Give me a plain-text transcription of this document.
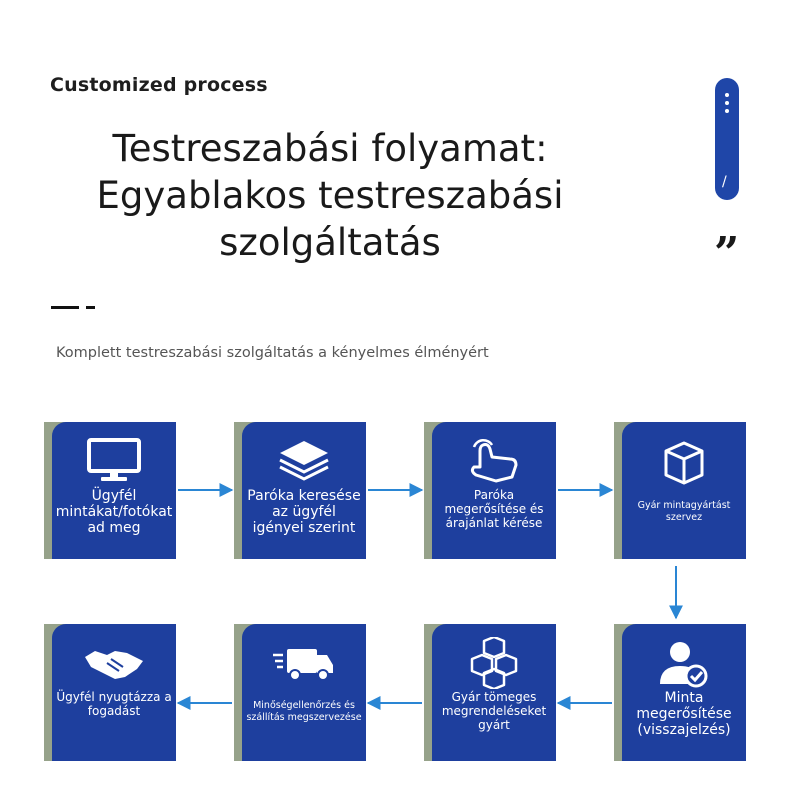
Customized process
Testreszabási folyamat:
Egyablakos testreszabási
szolgáltatás
Komplett testreszabási szolgáltatás a kényelmes élményért
/
”
Ügyfél mintákat/fotókat ad meg
Paróka keresése az ügyfél igényei szerint
Paróka megerősítése és árajánlat kérése
Gyár mintagyártást szervez
Ügyfél nyugtázza a fogadást	Minőségellenőrzés és szállítás megszervezése
Gyár tömeges megrendeléseket gyárt
Minta megerősítése (visszajelzés)
